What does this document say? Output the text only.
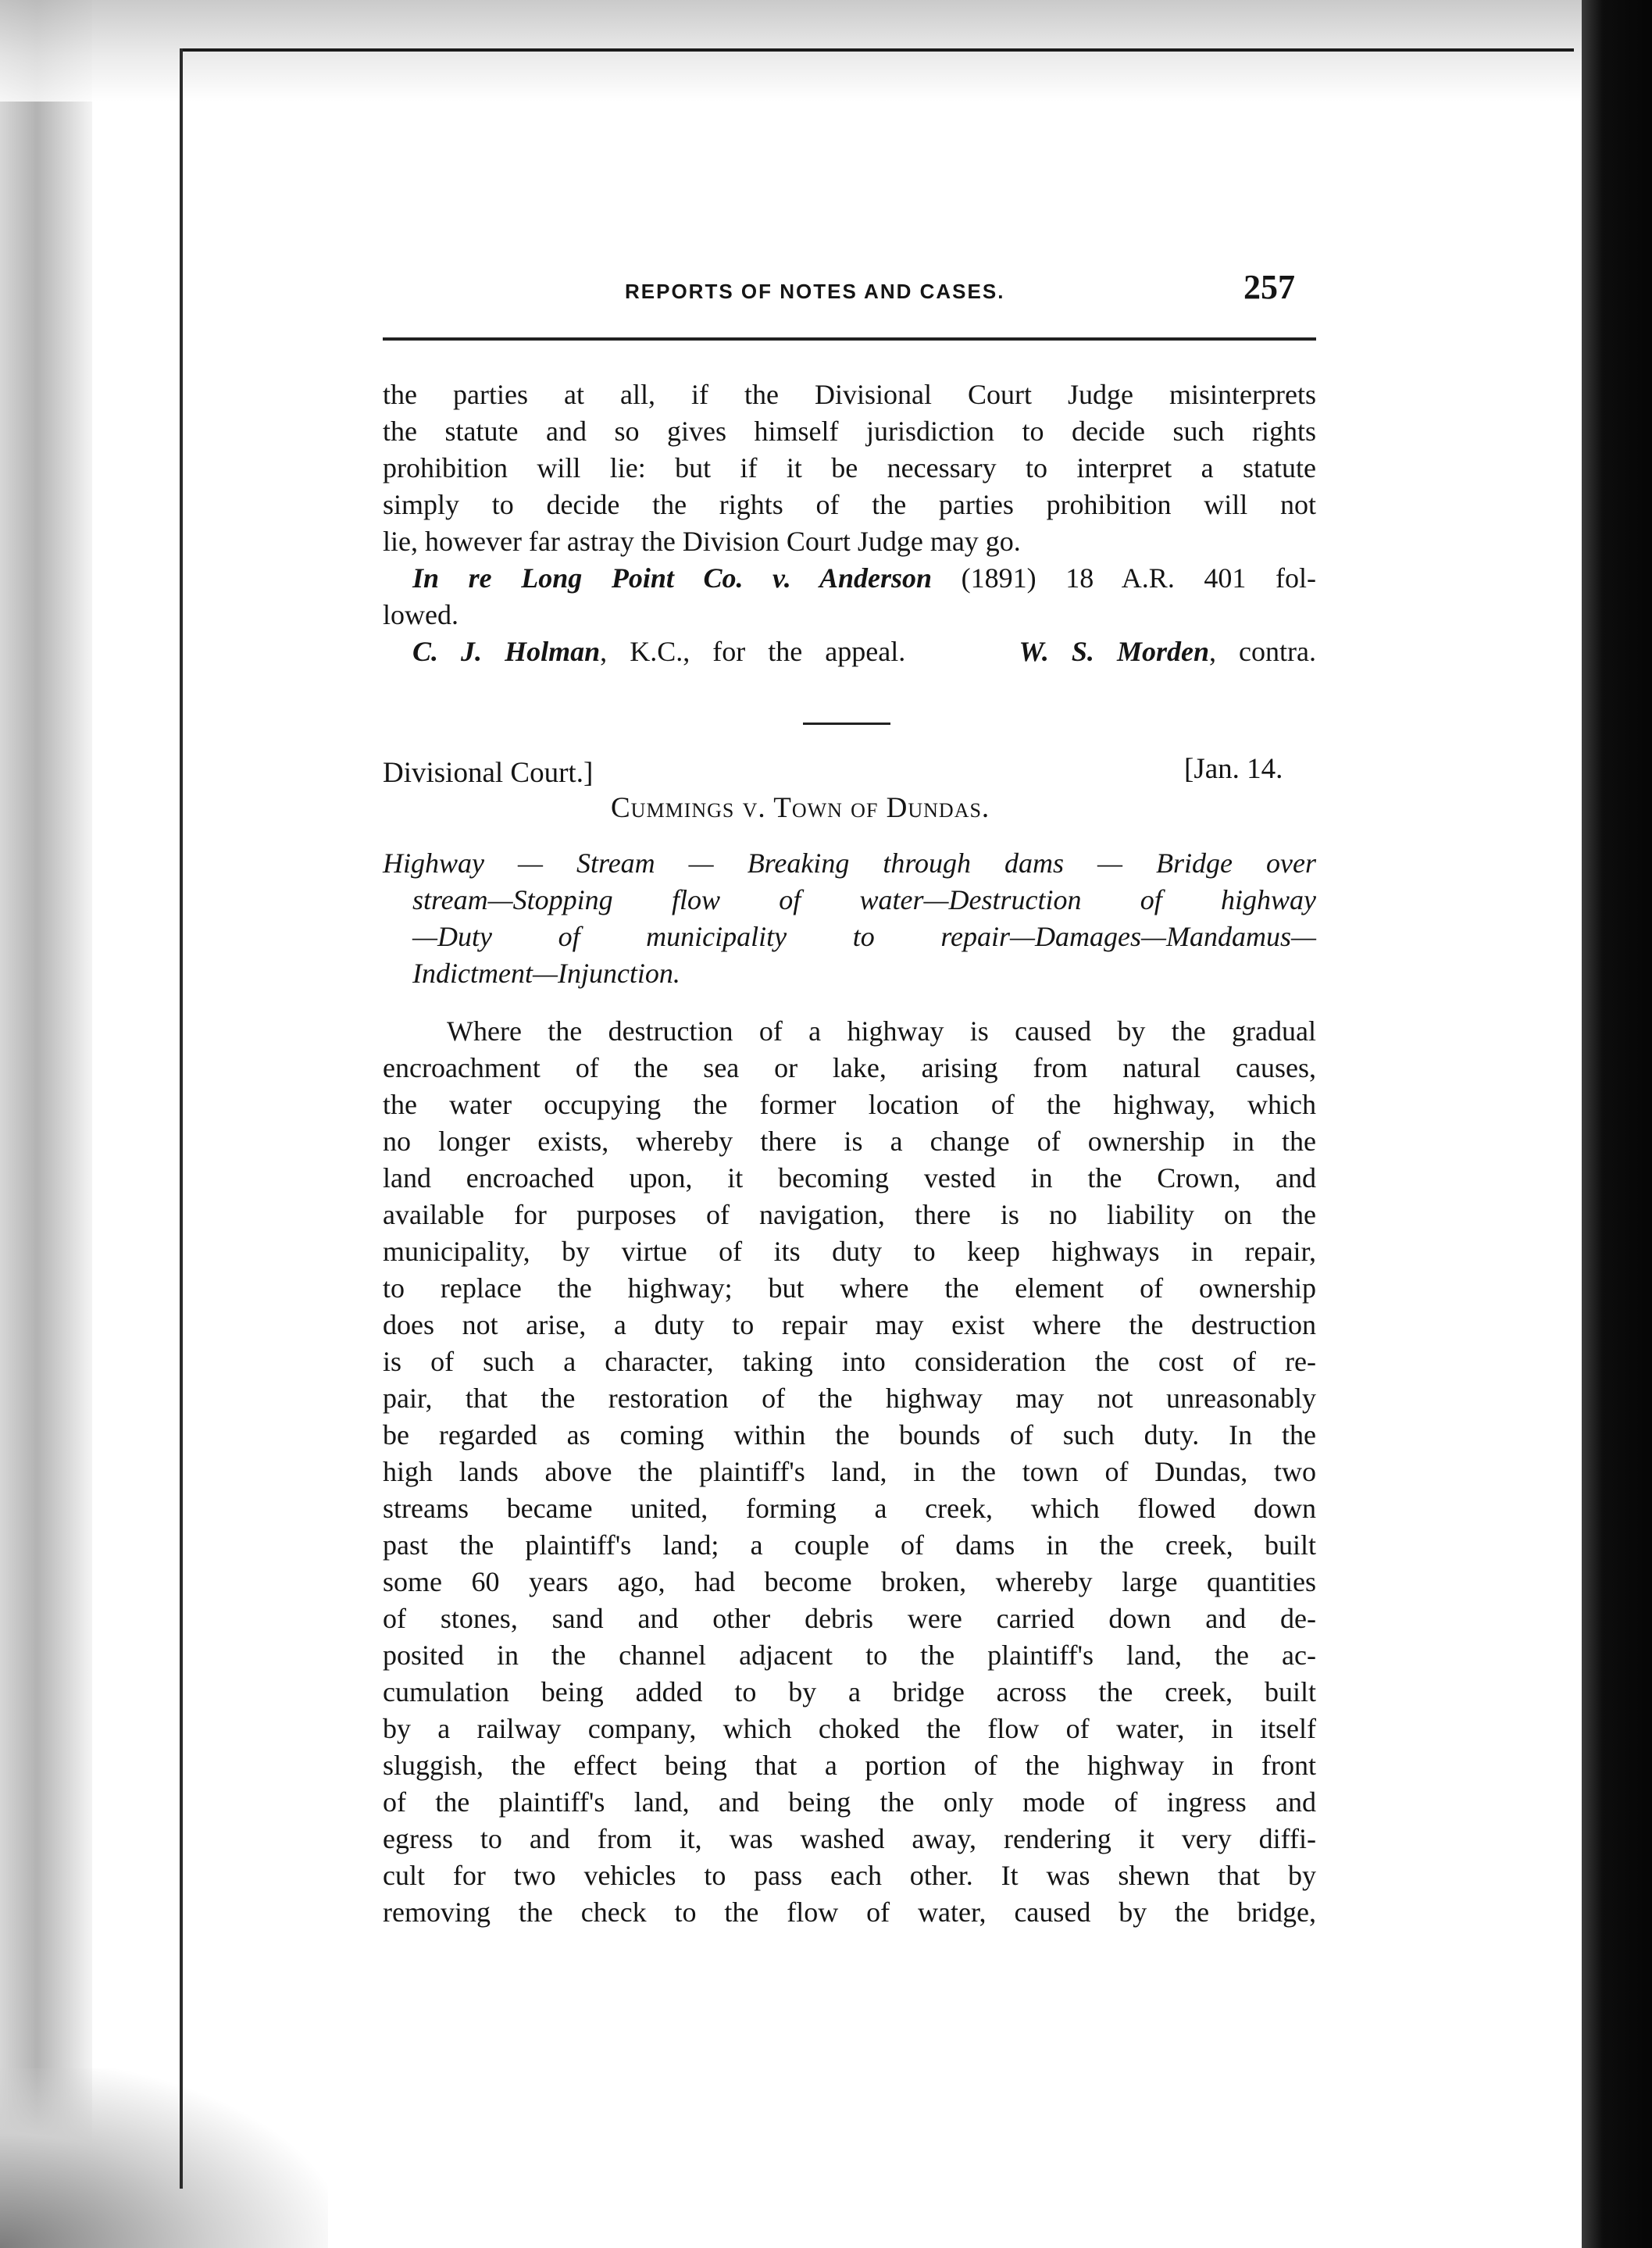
REPORTS OF NOTES AND CASES.	257
the parties at all, if the Divisional Court Judge misinterprets
the statute and so gives himself jurisdiction to decide such rights
prohibition will lie: but if it be necessary to interpret a statute
simply to decide the rights of the parties prohibition will not
lie, however far astray the Division Court Judge may go.
In re Long Point Co. v. Anderson (1891) 18 A.R. 401 fol-
lowed.
C. J. Holman, K.C., for the appeal.	W. S. Morden, contra.
Divisional Court.]	[Jan. 14.
Cummings v. Town of Dundas.
Highway — Stream — Breaking through dams — Bridge over
stream—Stopping flow of water—Destruction of highway
—Duty of municipality to repair—Damages—Mandamus—
Indictment—Injunction.
Where the destruction of a highway is caused by the gradual
encroachment of the sea or lake, arising from natural causes,
the water occupying the former location of the highway, which
no longer exists, whereby there is a change of ownership in the
land encroached upon, it becoming vested in the Crown, and
available for purposes of navigation, there is no liability on the
municipality, by virtue of its duty to keep highways in repair,
to replace the highway; but where the element of ownership
does not arise, a duty to repair may exist where the destruction
is of such a character, taking into consideration the cost of re-
pair, that the restoration of the highway may not unreasonably
be regarded as coming within the bounds of such duty. In the
high lands above the plaintiff's land, in the town of Dundas, two
streams became united, forming a creek, which flowed down
past the plaintiff's land; a couple of dams in the creek, built
some 60 years ago, had become broken, whereby large quantities
of stones, sand and other debris were carried down and de-
posited in the channel adjacent to the plaintiff's land, the ac-
cumulation being added to by a bridge across the creek, built
by a railway company, which choked the flow of water, in itself
sluggish, the effect being that a portion of the highway in front
of the plaintiff's land, and being the only mode of ingress and
egress to and from it, was washed away, rendering it very diffi-
cult for two vehicles to pass each other. It was shewn that by
removing the check to the flow of water, caused by the bridge,
